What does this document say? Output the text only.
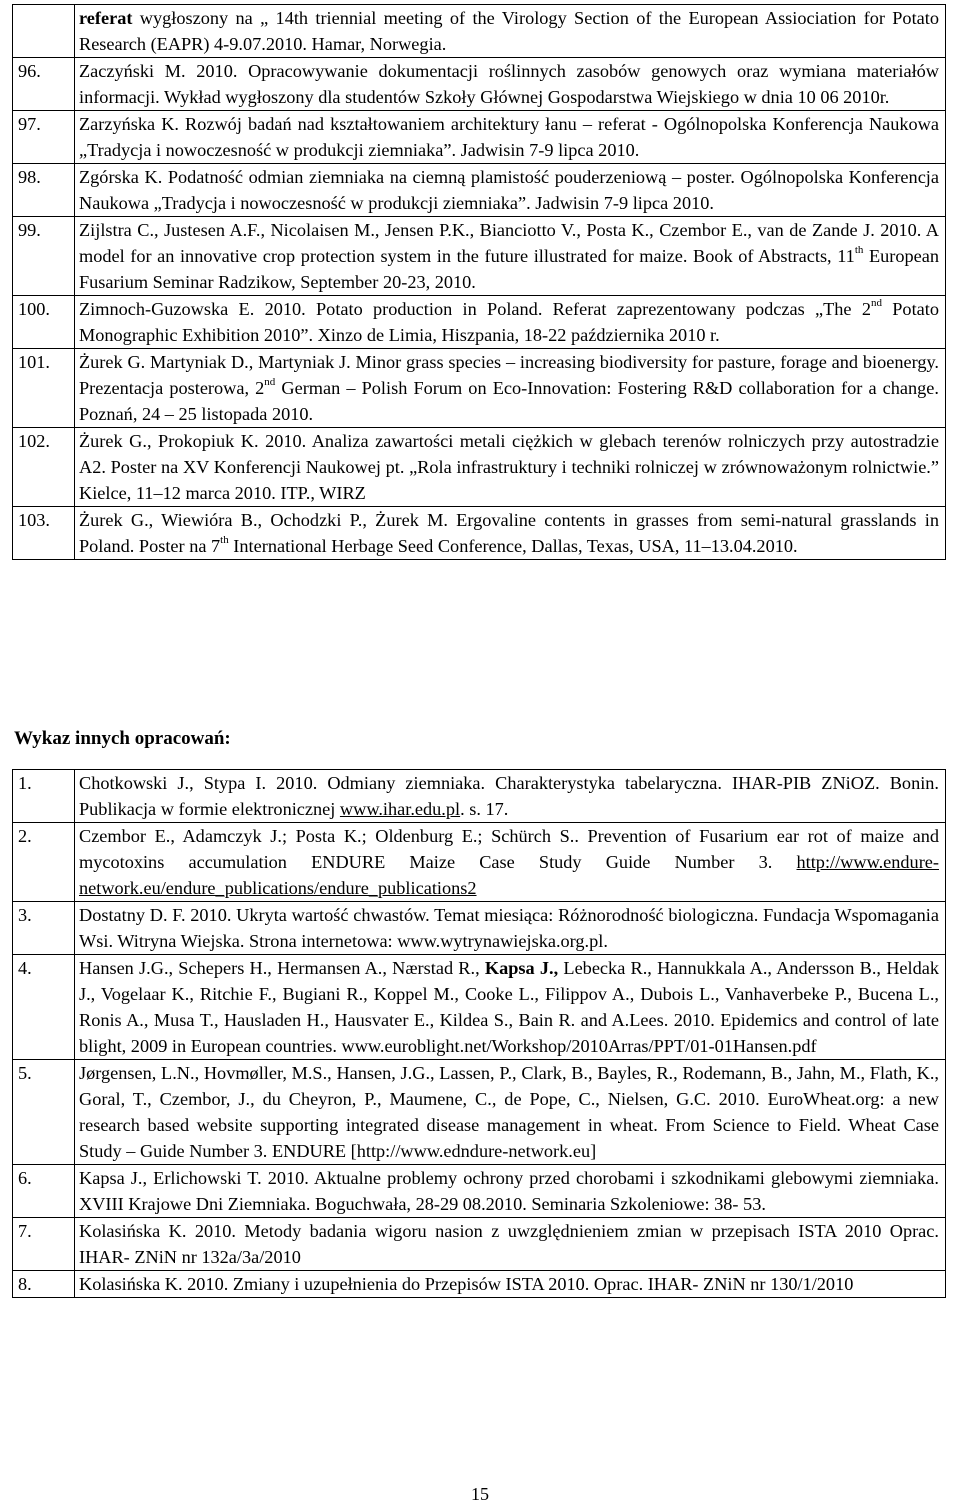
	referat wygłoszony na „ 14th triennial meeting of the Virology Section of the European Assiociation for Potato Research (EAPR) 4-9.07.2010. Hamar, Norwegia.
96.	Zaczyński M. 2010. Opracowywanie dokumentacji roślinnych zasobów genowych oraz wymiana materiałów informacji. Wykład wygłoszony dla studentów Szkoły Głównej Gospodarstwa Wiejskiego w dnia 10 06 2010r.
97.	Zarzyńska K. Rozwój badań nad kształtowaniem architektury łanu – referat - Ogólnopolska Konferencja Naukowa „Tradycja i nowoczesność w produkcji ziemniaka”. Jadwisin 7-9 lipca 2010.
98.	Zgórska K. Podatność odmian ziemniaka na ciemną plamistość pouderzeniową – poster. Ogólnopolska Konferencja Naukowa „Tradycja i nowoczesność w produkcji ziemniaka”. Jadwisin 7-9 lipca 2010.
99.	Zijlstra C., Justesen A.F., Nicolaisen M., Jensen P.K., Bianciotto V., Posta K., Czembor E., van de Zande J. 2010. A model for an innovative crop protection system in the future illustrated for maize. Book of Abstracts, 11th European Fusarium Seminar Radzikow, September 20-23, 2010.
100.	Zimnoch-Guzowska E. 2010. Potato production in Poland. Referat zaprezentowany podczas „The 2nd Potato Monographic Exhibition 2010”. Xinzo de Limia, Hiszpania, 18-22 października 2010 r.
101.	Żurek G. Martyniak D., Martyniak J. Minor grass species – increasing biodiversity for pasture, forage and bioenergy. Prezentacja posterowa, 2nd German – Polish Forum on Eco-Innovation: Fostering R&D collaboration for a change. Poznań, 24 – 25 listopada 2010.
102.	Żurek G., Prokopiuk K. 2010. Analiza zawartości metali ciężkich w glebach terenów rolniczych przy autostradzie A2. Poster na XV Konferencji Naukowej pt. „Rola infrastruktury i techniki rolniczej w zrównoważonym rolnictwie.” Kielce, 11–12 marca 2010. ITP., WIRZ
103.	Żurek G., Wiewióra B., Ochodzki P., Żurek M. Ergovaline contents in grasses from semi-natural grasslands in Poland. Poster na 7th International Herbage Seed Conference, Dallas, Texas, USA, 11–13.04.2010.
Wykaz innych opracowań:
1.	Chotkowski J., Stypa I. 2010. Odmiany ziemniaka. Charakterystyka tabelaryczna. IHAR-PIB ZNiOZ. Bonin. Publikacja w formie elektronicznej www.ihar.edu.pl. s. 17.
2.	Czembor E., Adamczyk J.; Posta K.; Oldenburg E.; Schürch S.. Prevention of Fusarium ear rot of maize and mycotoxins accumulation ENDURE Maize Case Study Guide Number 3. http://www.endure-network.eu/endure_publications/endure_publications2
3.	Dostatny D. F. 2010. Ukryta wartość chwastów. Temat miesiąca: Różnorodność biologiczna. Fundacja Wspomagania Wsi. Witryna Wiejska. Strona internetowa: www.wytrynawiejska.org.pl.
4.	Hansen J.G., Schepers H., Hermansen A., Nærstad R., Kapsa J., Lebecka R., Hannukkala A., Andersson B., Heldak J., Vogelaar K., Ritchie F., Bugiani R., Koppel M., Cooke L., Filippov A., Dubois L., Vanhaverbeke P., Bucena L., Ronis A., Musa T., Hausladen H., Hausvater E., Kildea S., Bain R. and A.Lees. 2010. Epidemics and control of late blight, 2009 in European countries. www.euroblight.net/Workshop/2010Arras/PPT/01-01Hansen.pdf
5.	Jørgensen, L.N., Hovmøller, M.S., Hansen, J.G., Lassen, P., Clark, B., Bayles, R., Rodemann, B., Jahn, M., Flath, K., Goral, T., Czembor, J., du Cheyron, P., Maumene, C., de Pope, C., Nielsen, G.C. 2010. EuroWheat.org: a new research based website supporting integrated disease management in wheat. From Science to Field. Wheat Case Study – Guide Number 3. ENDURE [http://www.edndure-network.eu]
6.	Kapsa J., Erlichowski T. 2010. Aktualne problemy ochrony przed chorobami i szkodnikami glebowymi ziemniaka. XVIII Krajowe Dni Ziemniaka. Boguchwała, 28-29 08.2010. Seminaria Szkoleniowe: 38- 53.
7.	Kolasińska K. 2010. Metody badania wigoru nasion z uwzględnieniem zmian w przepisach ISTA 2010 Oprac. IHAR- ZNiN nr 132a/3a/2010
8.	Kolasińska K. 2010. Zmiany i uzupełnienia do Przepisów ISTA 2010. Oprac. IHAR- ZNiN nr 130/1/2010
15
